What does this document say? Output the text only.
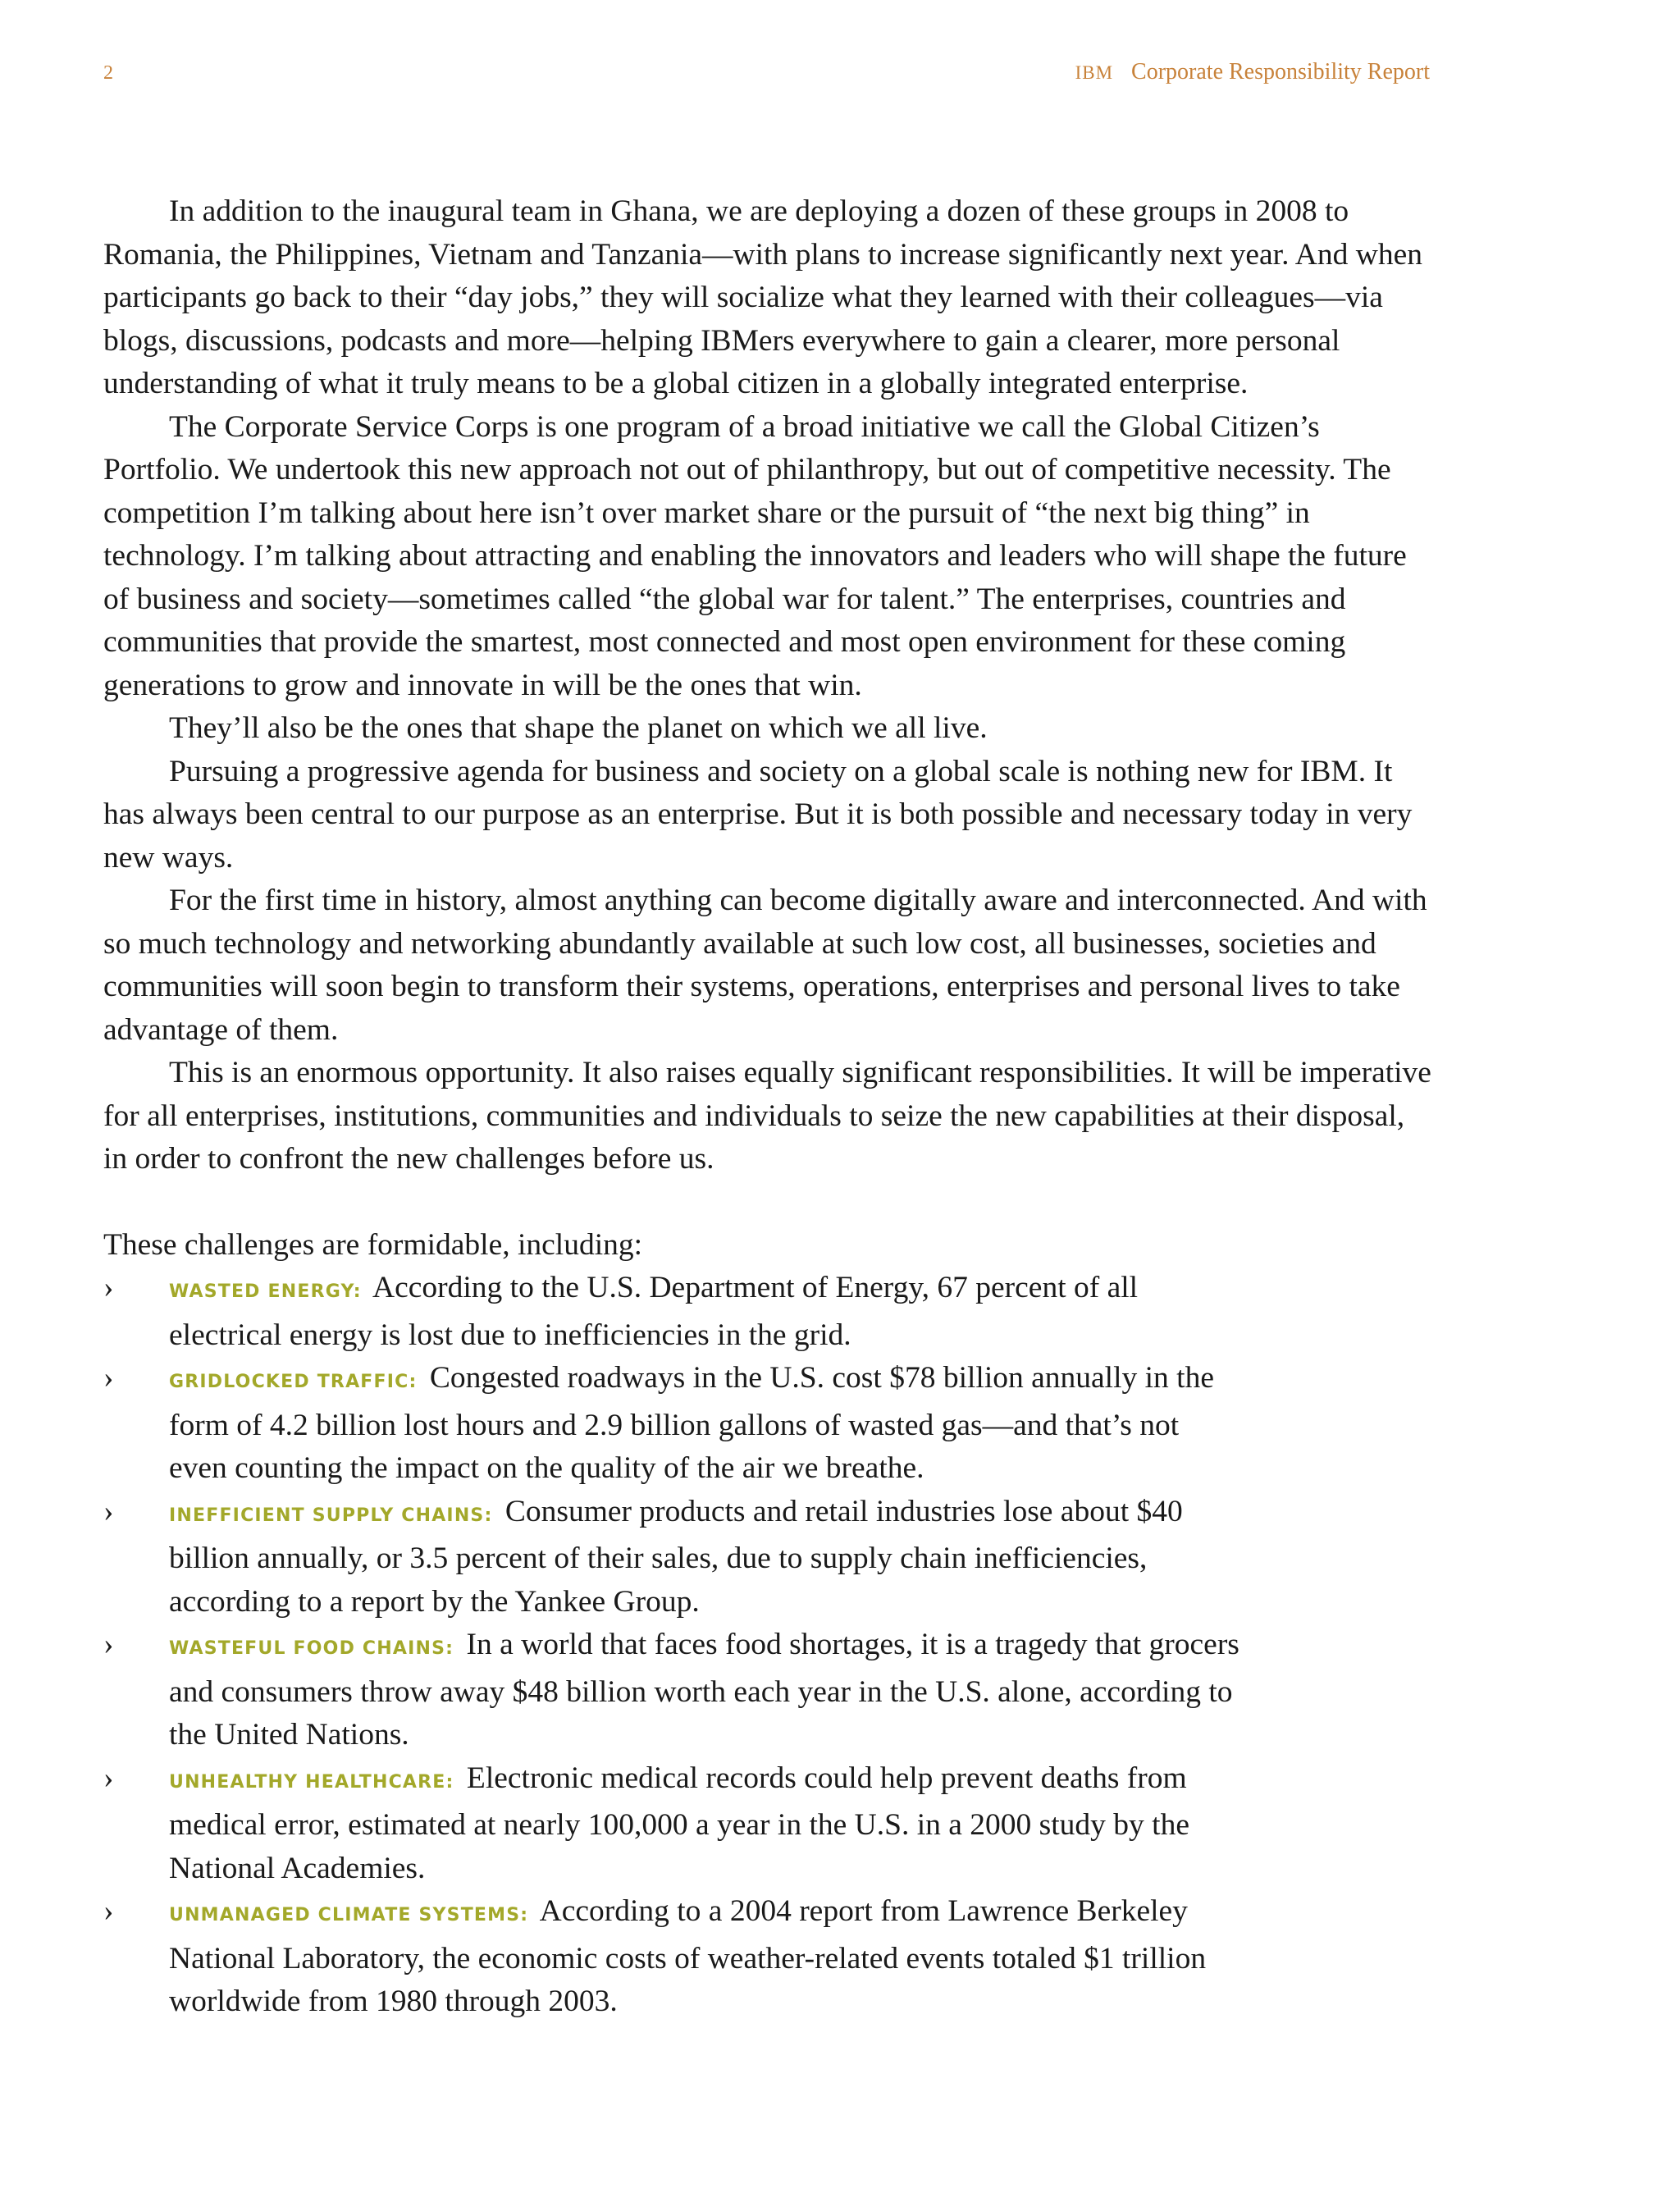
2	IBM Corporate Responsibility Report

In addition to the inaugural team in Ghana, we are deploying a dozen of these groups in 2008 to Romania, the Philippines, Vietnam and Tanzania—with plans to increase significantly next year. And when participants go back to their “day jobs,” they will socialize what they learned with their colleagues—via blogs, discussions, podcasts and more—helping IBMers everywhere to gain a clearer, more personal understanding of what it truly means to be a global citizen in a globally integrated enterprise.

The Corporate Service Corps is one program of a broad initiative we call the Global Citizen’s Portfolio. We undertook this new approach not out of philanthropy, but out of competitive necessity. The competition I’m talking about here isn’t over market share or the pursuit of “the next big thing” in technology. I’m talking about attracting and enabling the innovators and leaders who will shape the future of business and society—sometimes called “the global war for talent.” The enterprises, countries and communities that provide the smartest, most connected and most open environment for these coming generations to grow and innovate in will be the ones that win.

They’ll also be the ones that shape the planet on which we all live.

Pursuing a progressive agenda for business and society on a global scale is nothing new for IBM. It has always been central to our purpose as an enterprise. But it is both possible and necessary today in very new ways.

For the first time in history, almost anything can become digitally aware and interconnected. And with so much technology and networking abundantly available at such low cost, all businesses, societies and communities will soon begin to transform their systems, operations, enterprises and personal lives to take advantage of them.

This is an enormous opportunity. It also raises equally significant responsibilities. It will be imperative for all enterprises, institutions, communities and individuals to seize the new capabilities at their disposal, in order to confront the new challenges before us.

These challenges are formidable, including:
›	WASTED ENERGY: According to the U.S. Department of Energy, 67 percent of all electrical energy is lost due to inefficiencies in the grid.
›	GRIDLOCKED TRAFFIC: Congested roadways in the U.S. cost $78 billion annually in the form of 4.2 billion lost hours and 2.9 billion gallons of wasted gas—and that’s not even counting the impact on the quality of the air we breathe.
›	INEFFICIENT SUPPLY CHAINS: Consumer products and retail industries lose about $40 billion annually, or 3.5 percent of their sales, due to supply chain inefficiencies, according to a report by the Yankee Group.
›	WASTEFUL FOOD CHAINS: In a world that faces food shortages, it is a tragedy that grocers and consumers throw away $48 billion worth each year in the U.S. alone, according to the United Nations.
›	UNHEALTHY HEALTHCARE: Electronic medical records could help prevent deaths from medical error, estimated at nearly 100,000 a year in the U.S. in a 2000 study by the National Academies.
›	UNMANAGED CLIMATE SYSTEMS: According to a 2004 report from Lawrence Berkeley National Laboratory, the economic costs of weather-related events totaled $1 trillion worldwide from 1980 through 2003.
